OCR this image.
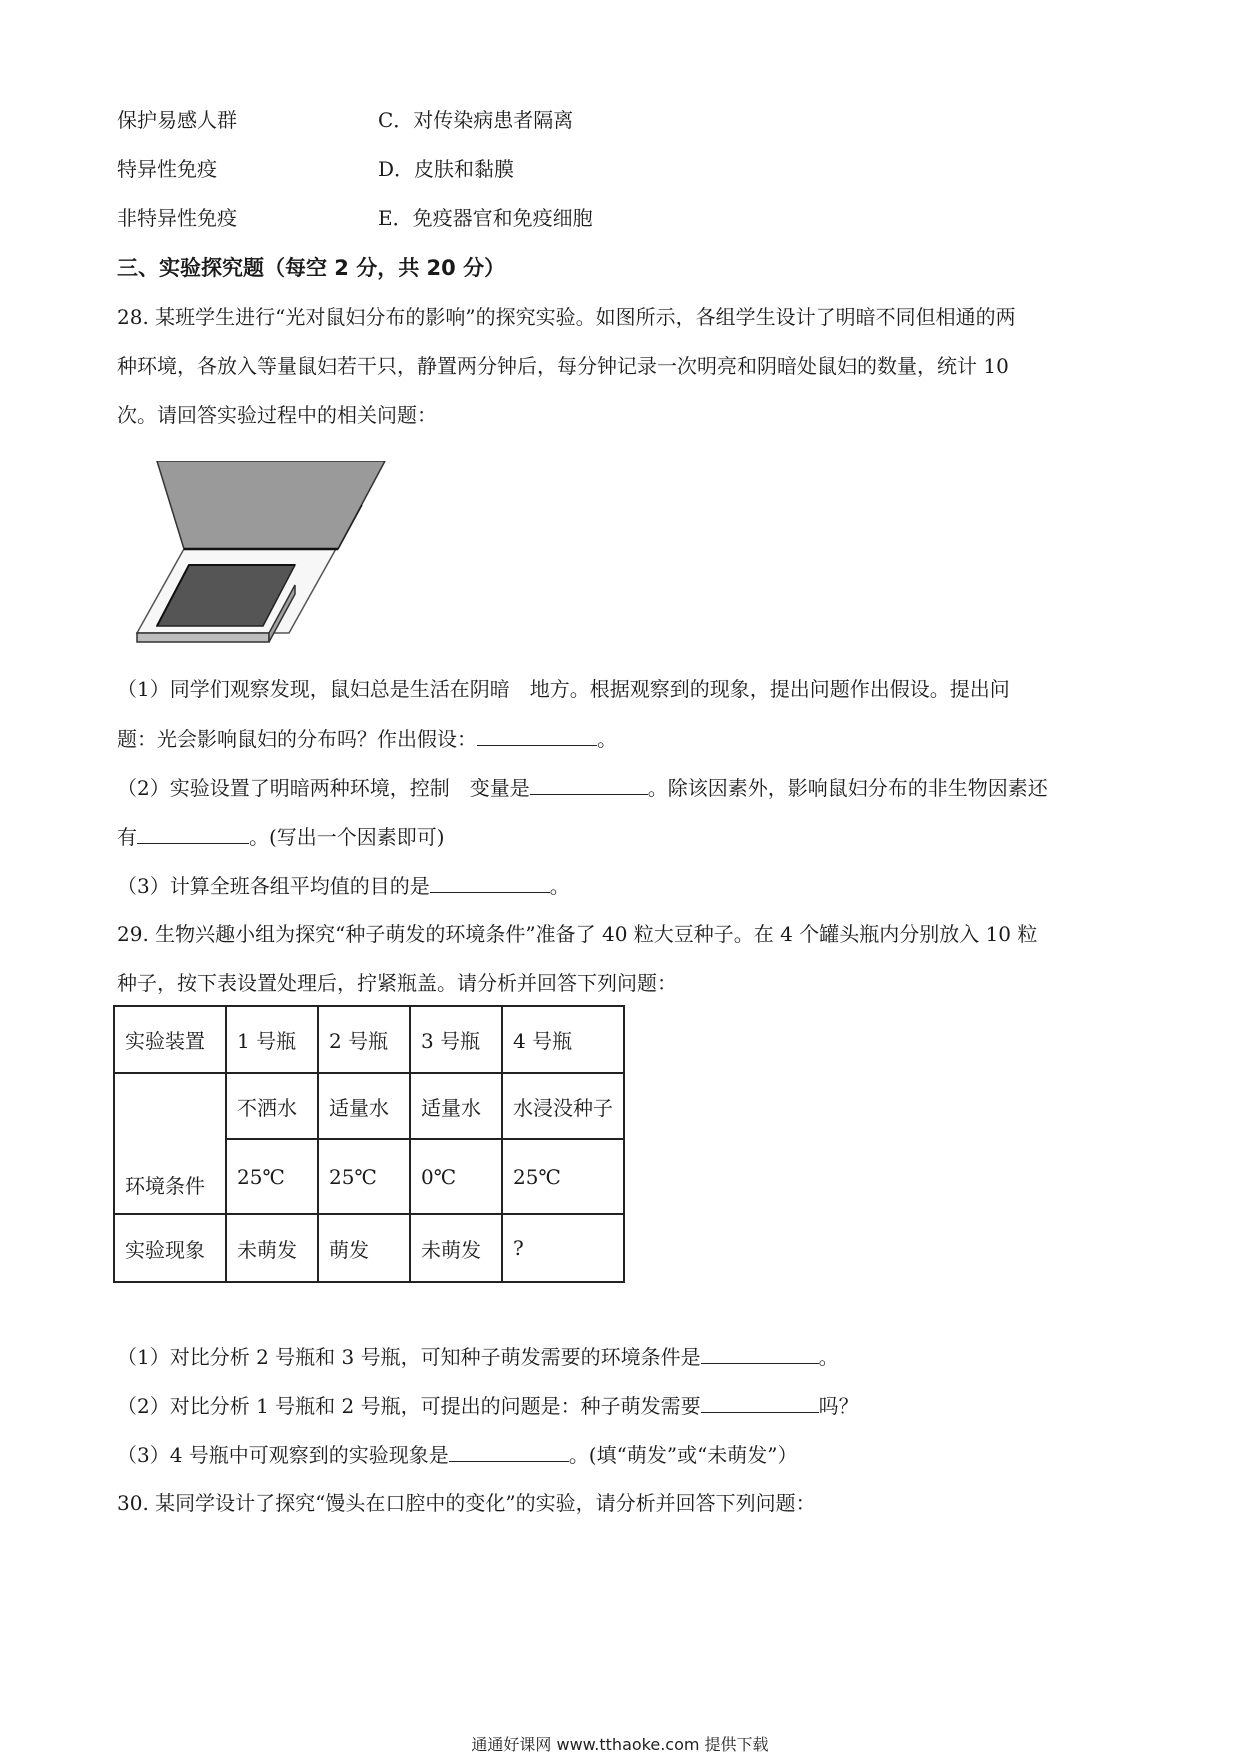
保护易感人群	C．对传染病患者隔离
特异性免疫	D．皮肤和黏膜
非特异性免疫	E．免疫器官和免疫细胞
三、实验探究题（每空 2 分，共 20 分）
28. 某班学生进行“光对鼠妇分布的影响”的探究实验。如图所示，各组学生设计了明暗不同但相通的两
种环境，各放入等量鼠妇若干只，静置两分钟后，每分钟记录一次明亮和阴暗处鼠妇的数量，统计 10
次。请回答实验过程中的相关问题：
（1）同学们观察发现，鼠妇总是生活在阴暗　地方。根据观察到的现象，提出问题作出假设。提出问
题：光会影响鼠妇的分布吗？作出假设：	。
（2）实验设置了明暗两种环境，控制　变量是	。除该因素外，影响鼠妇分布的非生物因素还
有	。(写出一个因素即可)
（3）计算全班各组平均值的目的是	。
29. 生物兴趣小组为探究“种子萌发的环境条件”准备了 40 粒大豆种子。在 4 个罐头瓶内分别放入 10 粒
种子，按下表设置处理后，拧紧瓶盖。请分析并回答下列问题：
实验装置	1 号瓶	2 号瓶	3 号瓶	4 号瓶
环境条件	不洒水	适量水	适量水	水浸没种子
	25℃	25℃	0℃	25℃
实验现象	未萌发	萌发	未萌发	?
（1）对比分析 2 号瓶和 3 号瓶，可知种子萌发需要的环境条件是	。
（2）对比分析 1 号瓶和 2 号瓶，可提出的问题是：种子萌发需要	吗？
（3）4 号瓶中可观察到的实验现象是	。(填“萌发”或“未萌发”）
30. 某同学设计了探究“馒头在口腔中的变化”的实验，请分析并回答下列问题：
通通好课网 www.tthaoke.com 提供下载
